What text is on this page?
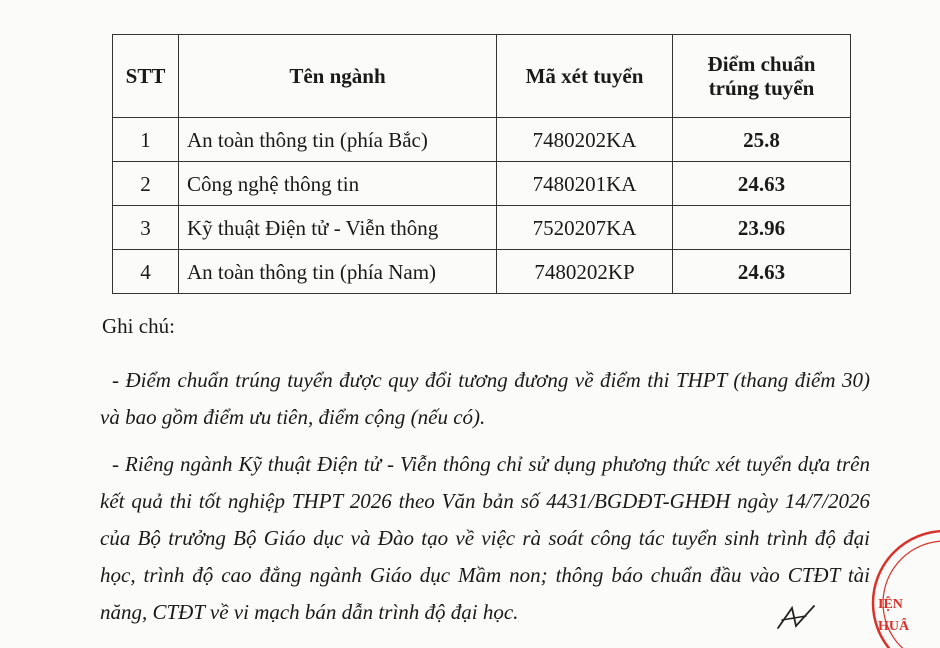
STT	Tên ngành	Mã xét tuyển	Điểm chuẩn
trúng tuyển

1	An toàn thông tin (phía Bắc)	7480202KA	25.8
2	Công nghệ thông tin	7480201KA	24.63
3	Kỹ thuật Điện tử - Viễn thông	7520207KA	23.96
4	An toàn thông tin (phía Nam)	7480202KP	24.63

Ghi chú:

- Điểm chuẩn trúng tuyển được quy đổi tương đương về điểm thi THPT (thang điểm 30) và bao gồm điểm ưu tiên, điểm cộng (nếu có).

- Riêng ngành Kỹ thuật Điện tử - Viễn thông chỉ sử dụng phương thức xét tuyển dựa trên kết quả thi tốt nghiệp THPT 2026 theo Văn bản số 4431/BGDĐT-GHĐH ngày 14/7/2026 của Bộ trưởng Bộ Giáo dục và Đào tạo về việc rà soát công tác tuyển sinh trình độ đại học, trình độ cao đẳng ngành Giáo dục Mầm non; thông báo chuẩn đầu vào CTĐT tài năng, CTĐT về vi mạch bán dẫn trình độ đại học.	IỆN
HUÂ
